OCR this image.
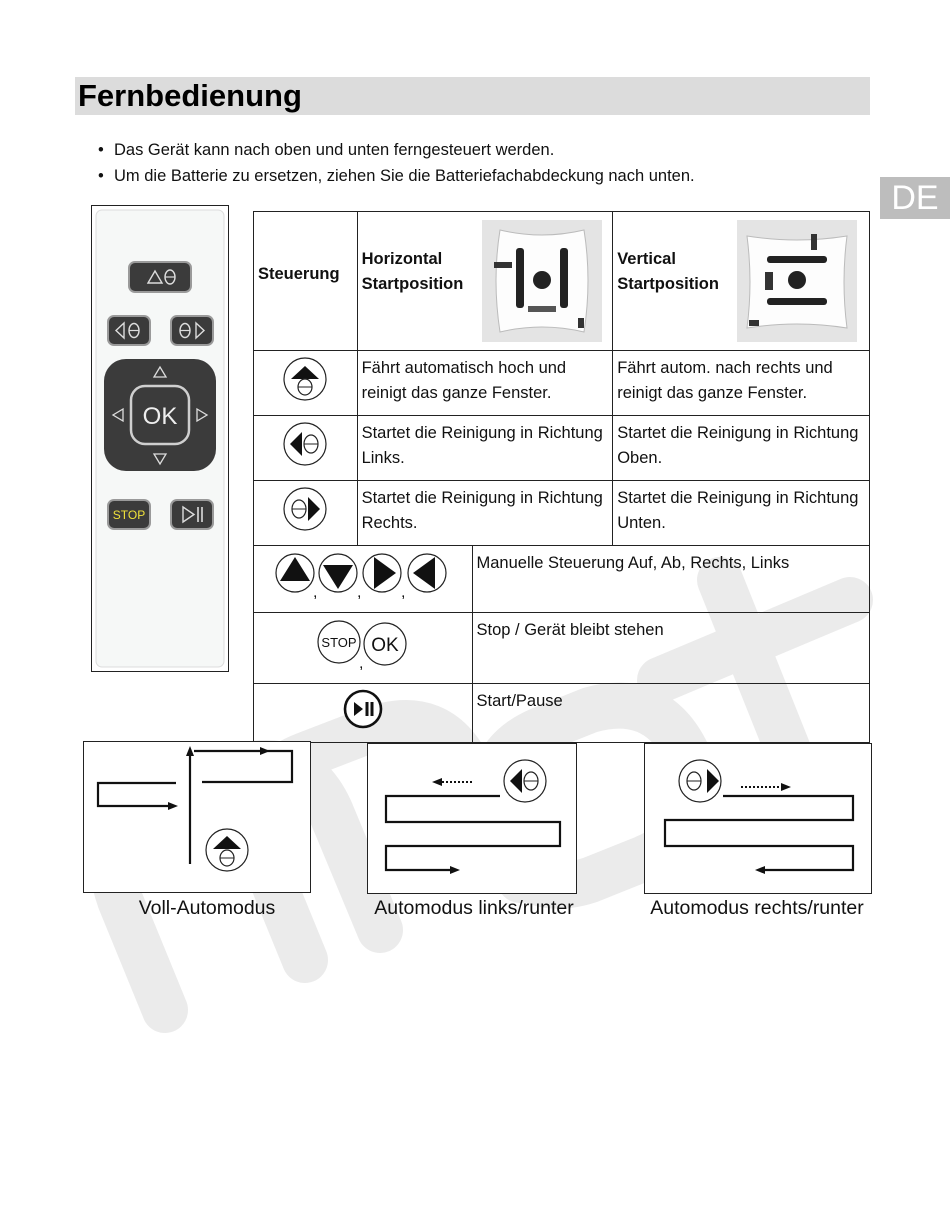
Fernbedienung
• Das Gerät kann nach oben und unten ferngesteuert werden.
• Um die Batterie zu ersetzen, ziehen Sie die Batteriefachabdeckung nach unten.
DE
OK
STOP
Steuerung	Horizontal Startposition		Vertical Startposition

	Fährt automatisch hoch und reinigt das ganze Fenster.		Fährt autom. nach rechts und reinigt das ganze Fenster.
	Startet die Reinigung in Richtung Links.		Startet die Reinigung in Richtung Oben.
	Startet die Reinigung in Richtung Rechts.		Startet die Reinigung in Richtung Unten.

, , ,		Manuelle Steuerung Auf, Ab, Rechts, Links	

STOP OK
,		Stop / Gerät bleibt stehen	
	Start/Pause	
Voll-Automodus	Automodus links/runter	Automodus rechts/runter
